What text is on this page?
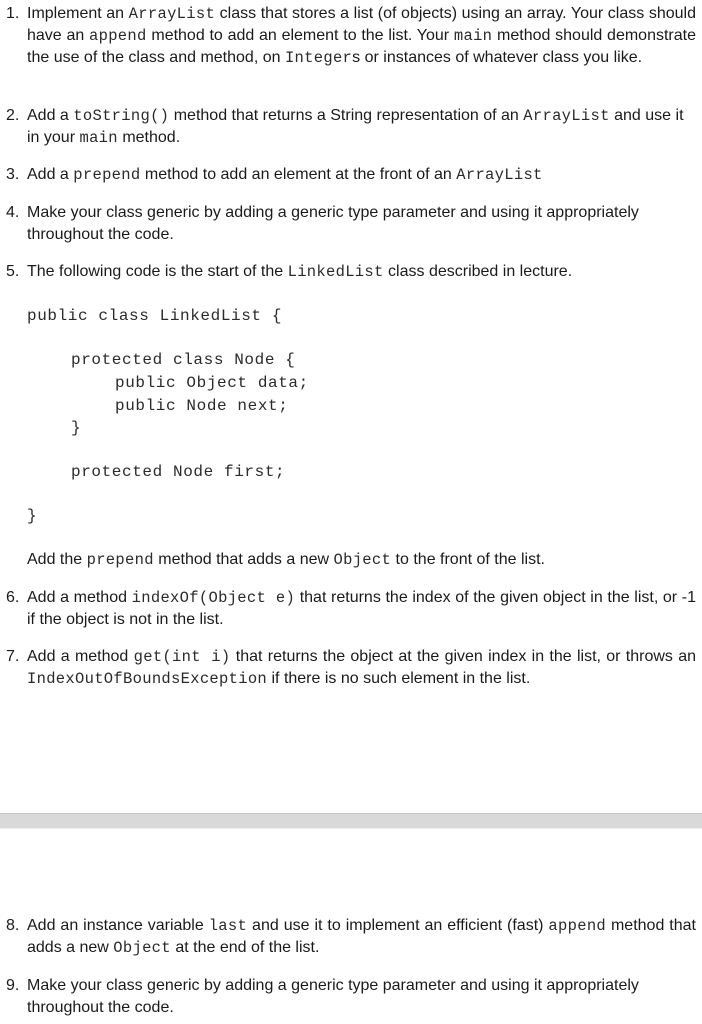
1. Implement an ArrayList class that stores a list (of objects) using an array. Your class should have an append method to add an element to the list. Your main method should demonstrate the use of the class and method, on Integers or instances of whatever class you like.
2. Add a toString() method that returns a String representation of an ArrayList and use it in your main method.
3. Add a prepend method to add an element at the front of an ArrayList
4. Make your class generic by adding a generic type parameter and using it appropriately throughout the code.
5. The following code is the start of the LinkedList class described in lecture.
public class LinkedList {
protected class Node {
public Object data;
public Node next;
}
protected Node first;
}
Add the prepend method that adds a new Object to the front of the list.
6. Add a method indexOf(Object e) that returns the index of the given object in the list, or -1 if the object is not in the list.
7. Add a method get(int i) that returns the object at the given index in the list, or throws an IndexOutOfBoundsException if there is no such element in the list.
8. Add an instance variable last and use it to implement an efficient (fast) append method that adds a new Object at the end of the list.
9. Make your class generic by adding a generic type parameter and using it appropriately throughout the code.
